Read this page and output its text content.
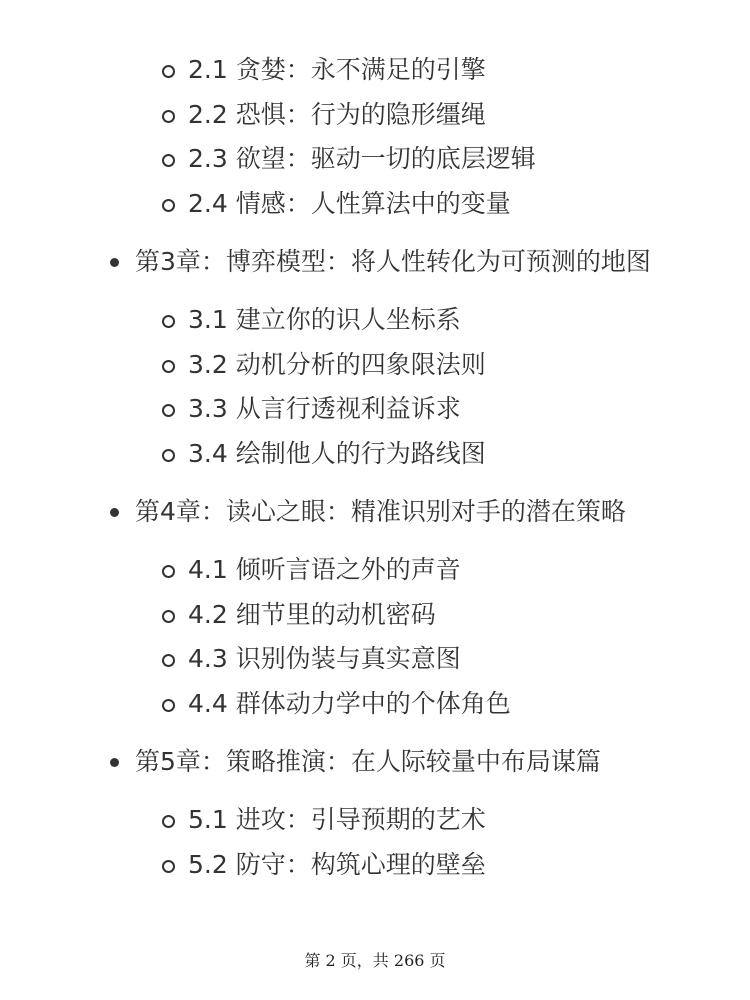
2.1 贪婪：永不满足的引擎
2.2 恐惧：行为的隐形缰绳
2.3 欲望：驱动一切的底层逻辑
2.4 情感：人性算法中的变量
第3章：博弈模型：将人性转化为可预测的地图
3.1 建立你的识人坐标系
3.2 动机分析的四象限法则
3.3 从言行透视利益诉求
3.4 绘制他人的行为路线图
第4章：读心之眼：精准识别对手的潜在策略
4.1 倾听言语之外的声音
4.2 细节里的动机密码
4.3 识别伪装与真实意图
4.4 群体动力学中的个体角色
第5章：策略推演：在人际较量中布局谋篇
5.1 进攻：引导预期的艺术
5.2 防守：构筑心理的壁垒
第 2 页，共 266 页
